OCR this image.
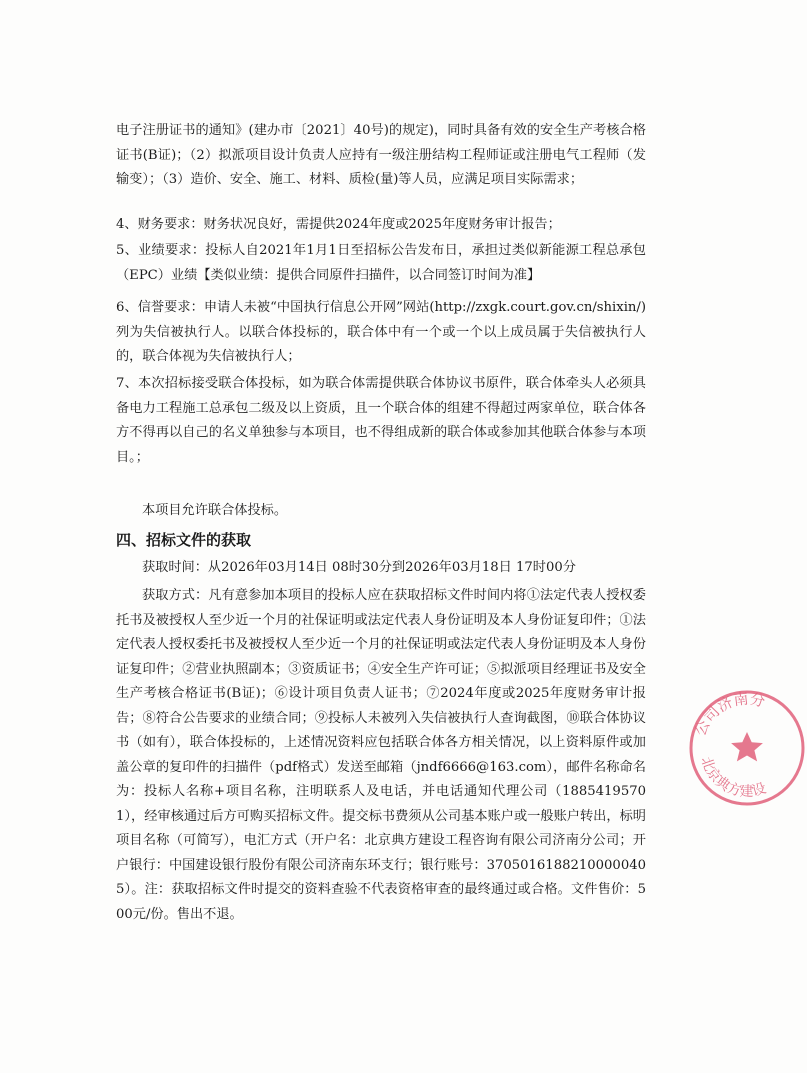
电子注册证书的通知》(建办市〔2021〕40号)的规定)，同时具备有效的安全生产考核合格证书(B证)；（2）拟派项目设计负责人应持有一级注册结构工程师证或注册电气工程师（发输变）；（3）造价、安全、施工、材料、质检(量)等人员，应满足项目实际需求；

4、财务要求：财务状况良好，需提供2024年度或2025年度财务审计报告；

5、业绩要求：投标人自2021年1月1日至招标公告发布日，承担过类似新能源工程总承包（EPC）业绩【类似业绩：提供合同原件扫描件，以合同签订时间为准】

6、信誉要求：申请人未被“中国执行信息公开网”网站(http://zxgk.court.gov.cn/shixin/)列为失信被执行人。以联合体投标的，联合体中有一个或一个以上成员属于失信被执行人的，联合体视为失信被执行人；

7、本次招标接受联合体投标，如为联合体需提供联合体协议书原件，联合体牵头人必须具备电力工程施工总承包二级及以上资质，且一个联合体的组建不得超过两家单位，联合体各方不得再以自己的名义单独参与本项目，也不得组成新的联合体或参加其他联合体参与本项目。；

本项目允许联合体投标。

四、招标文件的获取

获取时间：从2026年03月14日 08时30分到2026年03月18日 17时00分

获取方式：凡有意参加本项目的投标人应在获取招标文件时间内将①法定代表人授权委托书及被授权人至少近一个月的社保证明或法定代表人身份证明及本人身份证复印件；①法定代表人授权委托书及被授权人至少近一个月的社保证明或法定代表人身份证明及本人身份证复印件；②营业执照副本；③资质证书；④安全生产许可证；⑤拟派项目经理证书及安全生产考核合格证书(B证)；⑥设计项目负责人证书；⑦2024年度或2025年度财务审计报告；⑧符合公告要求的业绩合同；⑨投标人未被列入失信被执行人查询截图，⑩联合体协议书（如有），联合体投标的，上述情况资料应包括联合体各方相关情况，以上资料原件或加盖公章的复印件的扫描件（pdf格式）发送至邮箱（jndf6666@163.com），邮件名称命名为：投标人名称+项目名称，注明联系人及电话，并电话通知代理公司（18854195701），经审核通过后方可购买招标文件。提交标书费须从公司基本账户或一般账户转出，标明项目名称（可简写），电汇方式（开户名：北京典方建设工程咨询有限公司济南分公司；开户银行：中国建设银行股份有限公司济南东环支行；银行账号：37050161882100000405）。注：获取招标文件时提交的资料查验不代表资格审查的最终通过或合格。文件售价：500元/份。售出不退。

公司济南分
北京典方建设
